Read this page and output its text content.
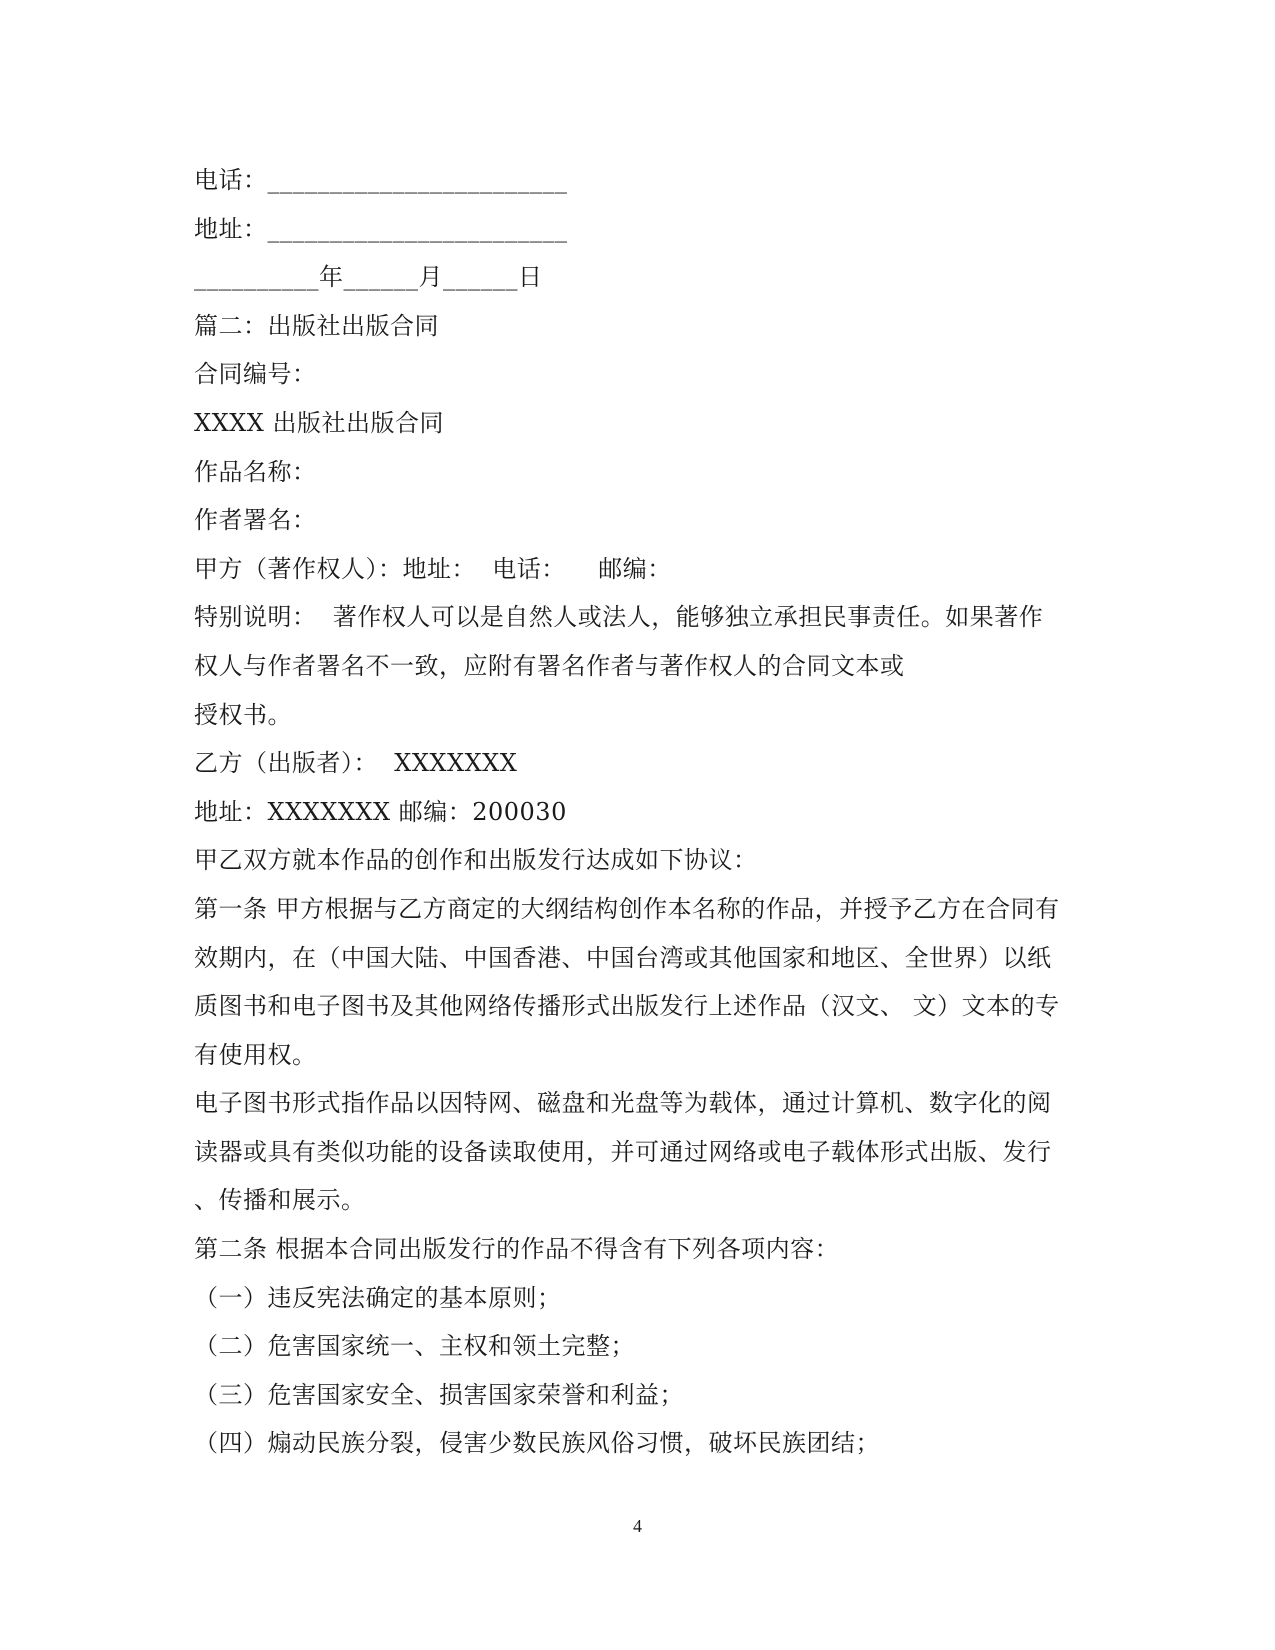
电话：________________________
地址：________________________
__________年______月______日
篇二：出版社出版合同
合同编号：
XXXX 出版社出版合同
作品名称：
作者署名：
甲方（著作权人）：地址：  电话：    邮编：
特别说明：  著作权人可以是自然人或法人，能够独立承担民事责任。如果著作
权人与作者署名不一致，应附有署名作者与著作权人的合同文本或
授权书。
乙方（出版者）：  XXXXXXX
地址：XXXXXXX 邮编：200030
甲乙双方就本作品的创作和出版发行达成如下协议：
第一条 甲方根据与乙方商定的大纲结构创作本名称的作品，并授予乙方在合同有
效期内，在（中国大陆、中国香港、中国台湾或其他国家和地区、全世界）以纸
质图书和电子图书及其他网络传播形式出版发行上述作品（汉文、 文）文本的专
有使用权。
电子图书形式指作品以因特网、磁盘和光盘等为载体，通过计算机、数字化的阅
读器或具有类似功能的设备读取使用，并可通过网络或电子载体形式出版、发行
、传播和展示。
第二条 根据本合同出版发行的作品不得含有下列各项内容：
（一）违反宪法确定的基本原则；
（二）危害国家统一、主权和领土完整；
（三）危害国家安全、损害国家荣誉和利益；
（四）煽动民族分裂，侵害少数民族风俗习惯，破坏民族团结；
4
